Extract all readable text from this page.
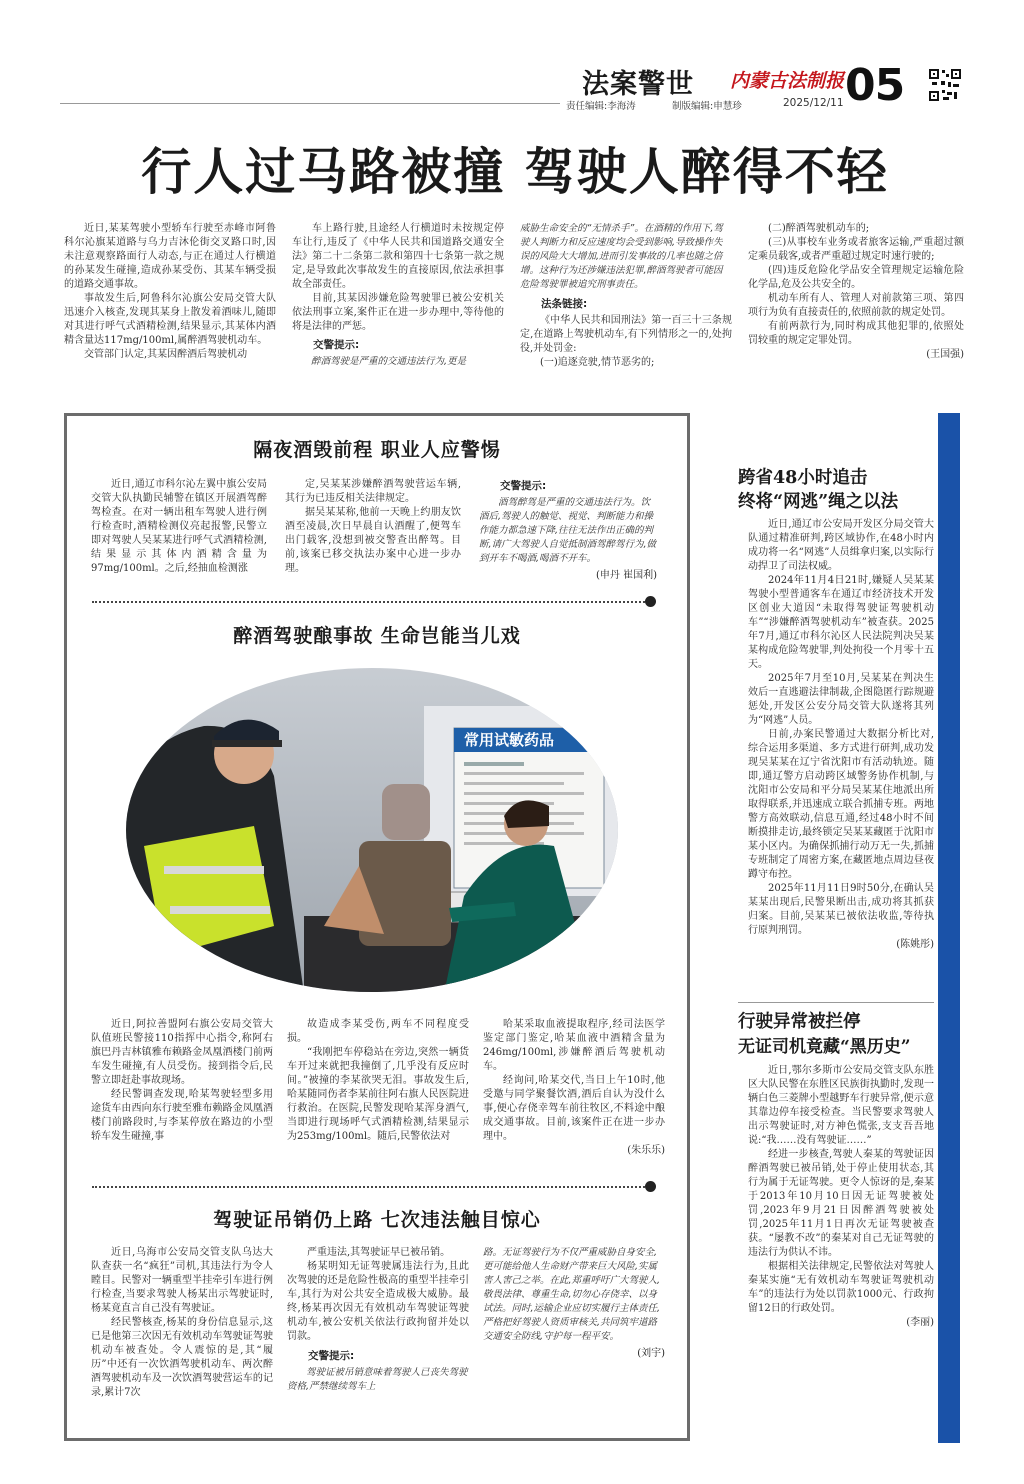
法案警世	内蒙古法制报 05
责任编辑:李海涛	制版编辑:申慧珍	2025/12/11
行人过马路被撞 驾驶人醉得不轻

近日,某某驾驶小型轿车行驶至赤峰市阿鲁科尔沁旗某道路与乌力吉沐伦街交叉路口时,因未注意观察路面行人动态,与正在通过人行横道的孙某发生碰撞,造成孙某受伤、其某车辆受损的道路交通事故。

事故发生后,阿鲁科尔沁旗公安局交管大队迅速介入核查,发现其某身上散发着酒味儿,随即对其进行呼气式酒精检测,结果显示,其某体内酒精含量达117mg/100ml,属醉酒驾驶机动车。

交管部门认定,其某因醉酒后驾驶机动

车上路行驶,且途经人行横道时未按规定停车让行,违反了《中华人民共和国道路交通安全法》第二十二条第二款和第四十七条第一款之规定,是导致此次事故发生的直接原因,依法承担事故全部责任。

目前,其某因涉嫌危险驾驶罪已被公安机关依法刑事立案,案件正在进一步办理中,等待他的将是法律的严惩。

交警提示:

醉酒驾驶是严重的交通违法行为,更是

威胁生命安全的“无情杀手”。在酒精的作用下,驾驶人判断力和反应速度均会受到影响,导致操作失误的风险大大增加,进而引发事故的几率也随之倍增。这种行为还涉嫌违法犯罪,醉酒驾驶者可能因危险驾驶罪被追究刑事责任。
法条链接:

《中华人民共和国刑法》第一百三十三条规定,在道路上驾驶机动车,有下列情形之一的,处拘役,并处罚金:

(一)追逐竞驶,情节恶劣的;

(二)醉酒驾驶机动车的;

(三)从事校车业务或者旅客运输,严重超过额定乘员载客,或者严重超过规定时速行驶的;

(四)违反危险化学品安全管理规定运输危险化学品,危及公共安全的。

机动车所有人、管理人对前款第三项、第四项行为负有直接责任的,依照前款的规定处罚。

有前两款行为,同时构成其他犯罪的,依照处罚较重的规定定罪处罚。

(王国强)
隔夜酒毁前程 职业人应警惕

近日,通辽市科尔沁左翼中旗公安局交管大队执勤民辅警在镇区开展酒驾醉驾检查。在对一辆出租车驾驶人进行例行检查时,酒精检测仪亮起报警,民警立即对驾驶人吴某某进行呼气式酒精检测,结果显示其体内酒精含量为97mg/100ml。之后,经抽血检测涨

定,吴某某涉嫌醉酒驾驶营运车辆,其行为已违反相关法律规定。

据吴某某称,他前一天晚上约朋友饮酒至凌晨,次日早晨自认酒醒了,便驾车出门载客,没想到被交警查出醉驾。目前,该案已移交执法办案中心进一步办理。

交警提示:

酒驾醉驾是严重的交通违法行为。饮酒后,驾驶人的触觉、视觉、判断能力和操作能力都急速下降,往往无法作出正确的判断,请广大驾驶人自觉抵制酒驾醉驾行为,做到开车不喝酒,喝酒不开车。

(申丹 崔国利)
醉酒驾驶酿事故 生命岂能当儿戏
常用试敏药品

近日,阿拉善盟阿右旗公安局交管大队值班民警接110指挥中心指令,称阿右旗巴丹吉林镇雅布赖路金凤凰酒楼门前两车发生碰撞,有人员受伤。接到指令后,民警立即赶赴事故现场。

经民警调查发现,哈某驾驶轻型多用途货车由西向东行驶至雅布赖路金凤凰酒楼门前路段时,与李某停放在路边的小型轿车发生碰撞,事

故造成李某受伤,两车不同程度受损。

“我刚把车停稳站在旁边,突然一辆货车开过来就把我撞倒了,几乎没有反应时间。”被撞的李某欲哭无泪。事故发生后,哈某随同伤者李某前往阿右旗人民医院进行救治。在医院,民警发现哈某浑身酒气,当即进行现场呼气式酒精检测,结果显示为253mg/100ml。随后,民警依法对

哈某采取血液提取程序,经司法医学鉴定部门鉴定,哈某血液中酒精含量为246mg/100ml,涉嫌醉酒后驾驶机动车。

经询问,哈某交代,当日上午10时,他受邀与同学聚餐饮酒,酒后自认为没什么事,便心存侥幸驾车前往牧区,不料途中酿成交通事故。目前,该案件正在进一步办理中。

(朱乐乐)
驾驶证吊销仍上路 七次违法触目惊心

近日,乌海市公安局交管支队乌达大队查获一名“疯狂”司机,其违法行为令人瞠目。民警对一辆重型半挂牵引车进行例行检查,当要求驾驶人杨某出示驾驶证时,杨某竟直言自己没有驾驶证。

经民警核查,杨某的身份信息显示,这已是他第三次因无有效机动车驾驶证驾驶机动车被查处。令人震惊的是,其“履历”中还有一次饮酒驾驶机动车、两次醉酒驾驶机动车及一次饮酒驾驶营运车的记录,累计7次

严重违法,其驾驶证早已被吊销。

杨某明知无证驾驶属违法行为,且此次驾驶的还是危险性极高的重型半挂牵引车,其行为对公共安全造成极大威胁。最终,杨某再次因无有效机动车驾驶证驾驶机动车,被公安机关依法行政拘留并处以罚款。

交警提示:

驾驶证被吊销意味着驾驶人已丧失驾驶资格,严禁继续驾车上

路。无证驾驶行为不仅严重威胁自身安全,更可能给他人生命财产带来巨大风险,实属害人害己之举。在此,郑重呼吁广大驾驶人,敬畏法律、尊重生命,切勿心存侥幸、以身试法。同时,运输企业应切实履行主体责任,严格把好驾驶人资质审核关,共同筑牢道路交通安全防线,守护每一程平安。
(刘宇)
跨省48小时追击
终将“网逃”绳之以法

近日,通辽市公安局开发区分局交管大队通过精准研判,跨区域协作,在48小时内成功将一名“网逃”人员缉拿归案,以实际行动捍卫了司法权威。

2024年11月4日21时,嫌疑人吴某某驾驶小型普通客车在通辽市经济技术开发区创业大道因“未取得驾驶证驾驶机动车”“涉嫌醉酒驾驶机动车”被查获。2025年7月,通辽市科尔沁区人民法院判决吴某某构成危险驾驶罪,判处拘役一个月零十五天。

2025年7月至10月,吴某某在判决生效后一直逃避法律制裁,企图隐匿行踪规避惩处,开发区公安分局交管大队遂将其列为“网逃”人员。

日前,办案民警通过大数据分析比对,综合运用多渠道、多方式进行研判,成功发现吴某某在辽宁省沈阳市有活动轨迹。随即,通辽警方启动跨区域警务协作机制,与沈阳市公安局和平分局吴某某住地派出所取得联系,并迅速成立联合抓捕专班。两地警方高效联动,信息互通,经过48小时不间断摸排走访,最终锁定吴某某藏匿于沈阳市某小区内。为确保抓捕行动万无一失,抓捕专班制定了周密方案,在藏匿地点周边昼夜蹲守布控。

2025年11月11日9时50分,在确认吴某某出现后,民警果断出击,成功将其抓获归案。目前,吴某某已被依法收监,等待执行原判刑罚。

(陈姚彤)
行驶异常被拦停
无证司机竟藏“黑历史”

近日,鄂尔多斯市公安局交管支队东胜区大队民警在东胜区民族街执勤时,发现一辆白色三菱牌小型越野车行驶异常,便示意其靠边停车接受检查。当民警要求驾驶人出示驾驶证时,对方神色慌张,支支吾吾地说:“我……没有驾驶证……”

经进一步核查,驾驶人秦某的驾驶证因醉酒驾驶已被吊销,处于停止使用状态,其行为属于无证驾驶。更令人惊讶的是,秦某于2013年10月10日因无证驾驶被处罚,2023年9月21日因醉酒驾驶被处罚,2025年11月1日再次无证驾驶被查获。“屡教不改”的秦某对自己无证驾驶的违法行为供认不讳。

根据相关法律规定,民警依法对驾驶人秦某实施“无有效机动车驾驶证驾驶机动车”的违法行为处以罚款1000元、行政拘留12日的行政处罚。

(李丽)
